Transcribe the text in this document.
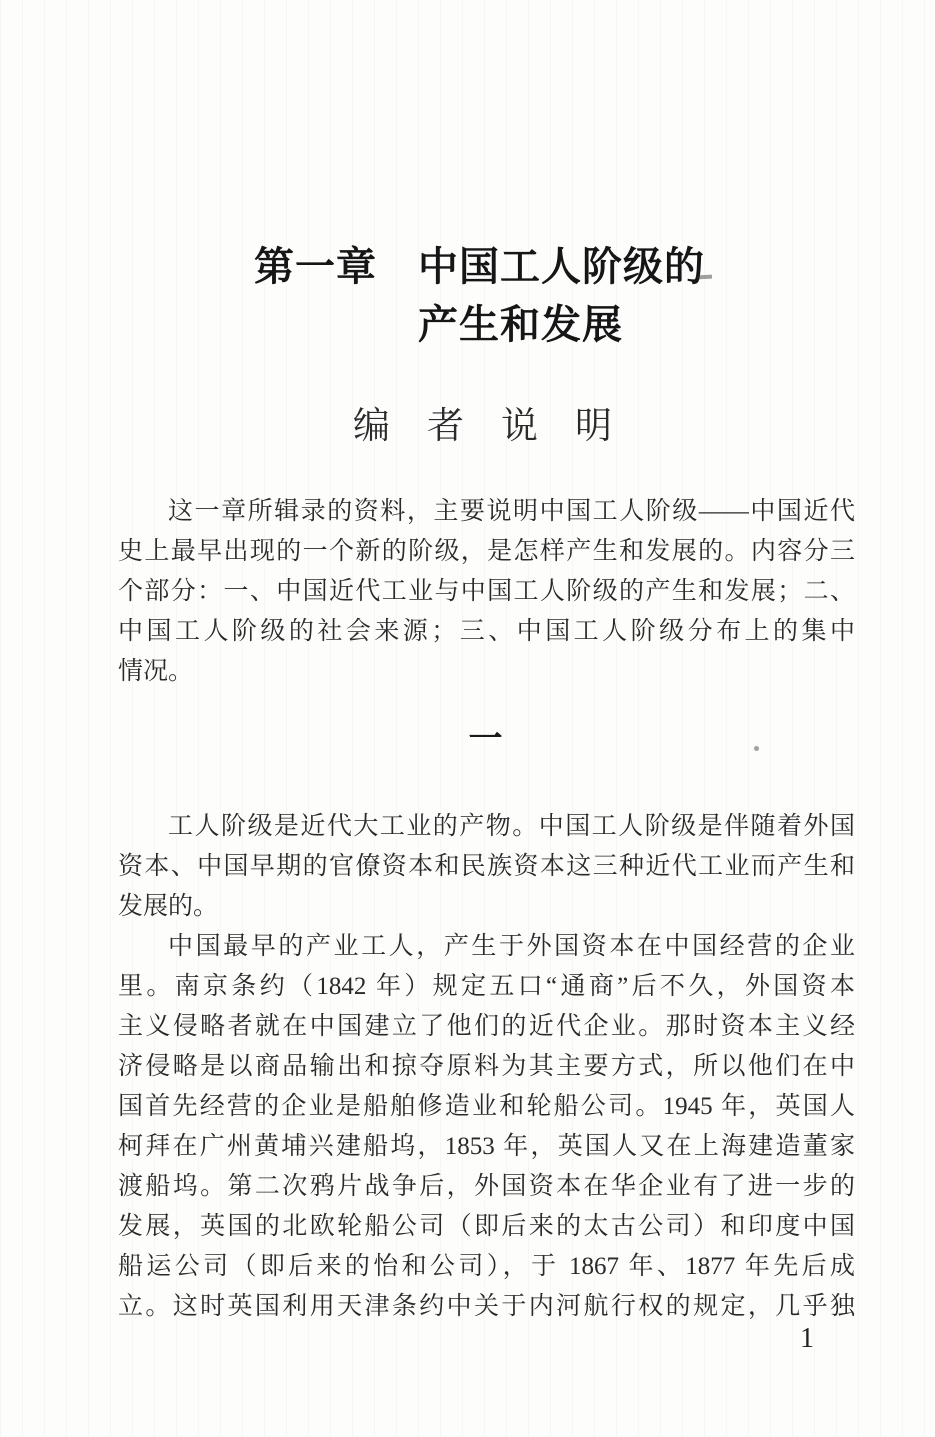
第一章　中国工人阶级的
产生和发展
编　者　说　明
这一章所辑录的资料，主要说明中国工人阶级——中国近代
史上最早出现的一个新的阶级，是怎样产生和发展的。内容分三
个部分：一、中国近代工业与中国工人阶级的产生和发展；二、
中国工人阶级的社会来源；三、中国工人阶级分布上的集中
情况。
一
工人阶级是近代大工业的产物。中国工人阶级是伴随着外国
资本、中国早期的官僚资本和民族资本这三种近代工业而产生和
发展的。
中国最早的产业工人，产生于外国资本在中国经营的企业
里。南京条约（1842 年）规定五口“通商”后不久，外国资本
主义侵略者就在中国建立了他们的近代企业。那时资本主义经
济侵略是以商品输出和掠夺原料为其主要方式，所以他们在中
国首先经营的企业是船舶修造业和轮船公司。1945 年，英国人
柯拜在广州黄埔兴建船坞，1853 年，英国人又在上海建造董家
渡船坞。第二次鸦片战争后，外国资本在华企业有了进一步的
发展，英国的北欧轮船公司（即后来的太古公司）和印度中国
船运公司（即后来的怡和公司），于 1867 年、1877 年先后成
立。这时英国利用天津条约中关于内河航行权的规定，几乎独
1
